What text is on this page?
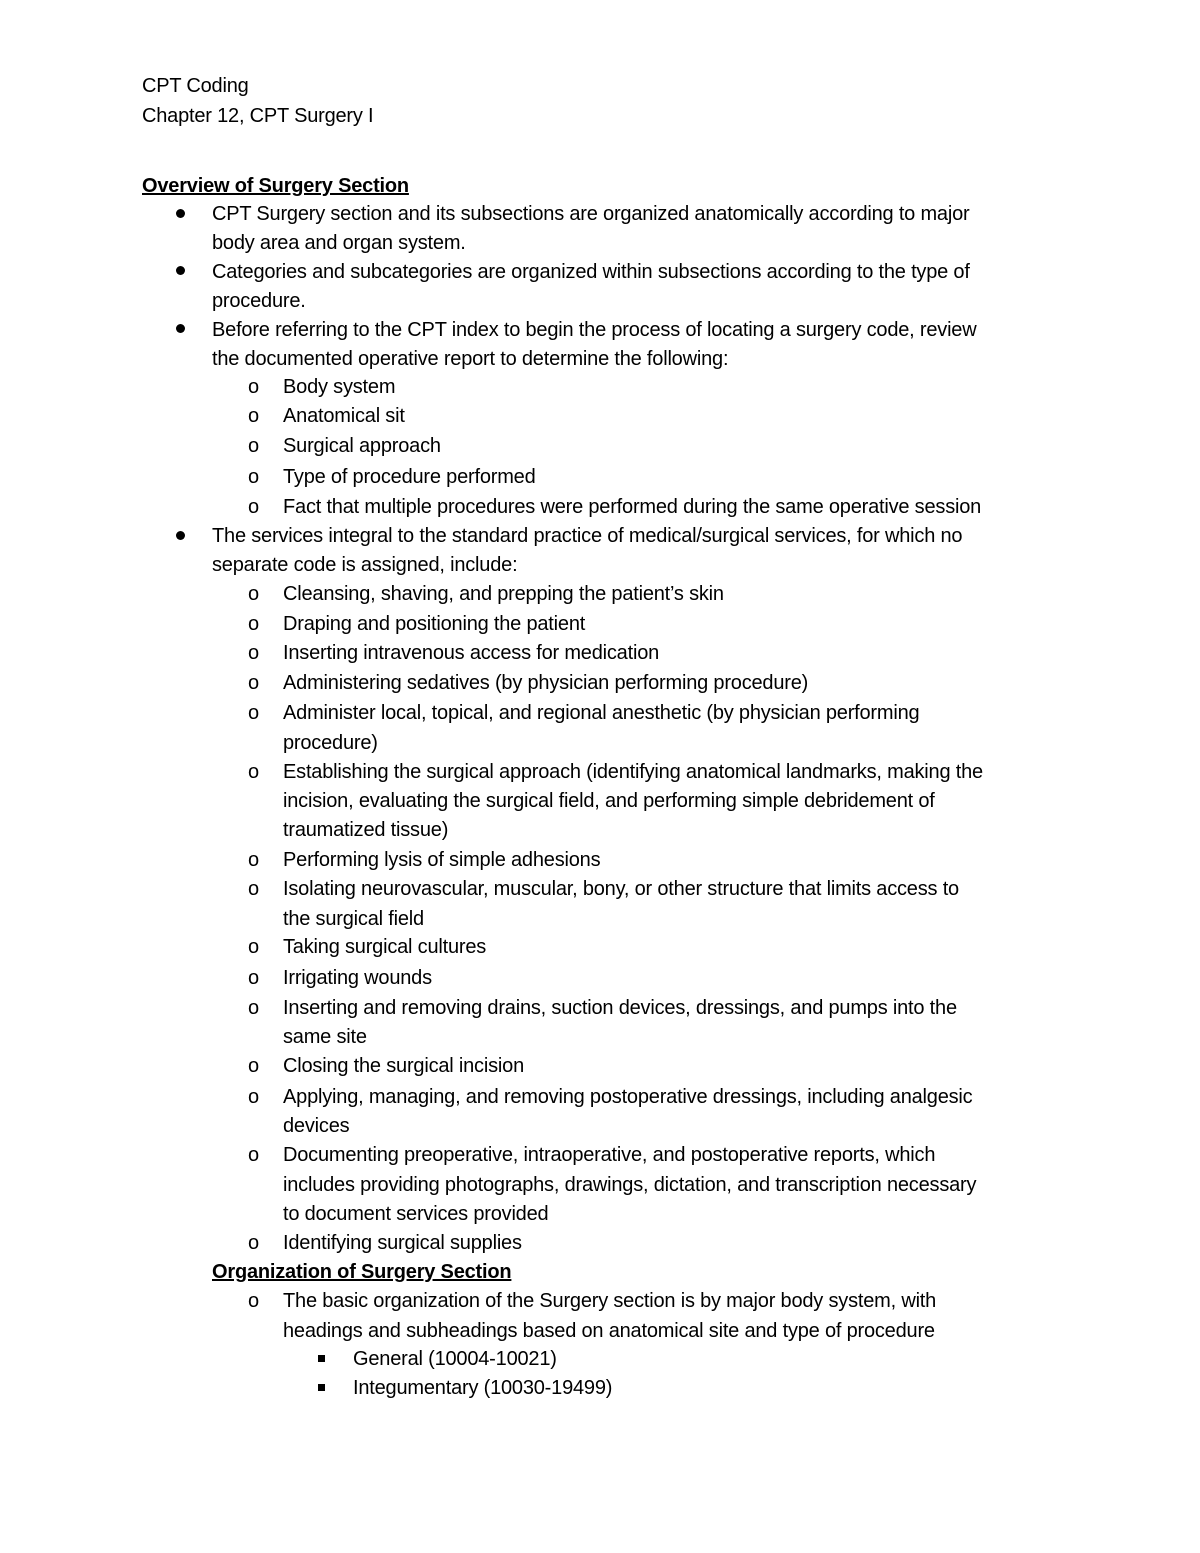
CPT Coding
Chapter 12, CPT Surgery I
Overview of Surgery Section
CPT Surgery section and its subsections are organized anatomically according to major
body area and organ system.
Categories and subcategories are organized within subsections according to the type of
procedure.
Before referring to the CPT index to begin the process of locating a surgery code, review
the documented operative report to determine the following:
o Body system
o Anatomical sit
o Surgical approach
o Type of procedure performed
o Fact that multiple procedures were performed during the same operative session
The services integral to the standard practice of medical/surgical services, for which no
separate code is assigned, include:
o Cleansing, shaving, and prepping the patient’s skin
o Draping and positioning the patient
o Inserting intravenous access for medication
o Administering sedatives (by physician performing procedure)
o Administer local, topical, and regional anesthetic (by physician performing
procedure)
o Establishing the surgical approach (identifying anatomical landmarks, making the
incision, evaluating the surgical field, and performing simple debridement of
traumatized tissue)
o Performing lysis of simple adhesions
o Isolating neurovascular, muscular, bony, or other structure that limits access to
the surgical field
o Taking surgical cultures
o Irrigating wounds
o Inserting and removing drains, suction devices, dressings, and pumps into the
same site
o Closing the surgical incision
o Applying, managing, and removing postoperative dressings, including analgesic
devices
o Documenting preoperative, intraoperative, and postoperative reports, which
includes providing photographs, drawings, dictation, and transcription necessary
to document services provided
o Identifying surgical supplies
Organization of Surgery Section
o The basic organization of the Surgery section is by major body system, with
headings and subheadings based on anatomical site and type of procedure
General (10004-10021)
Integumentary (10030-19499)
